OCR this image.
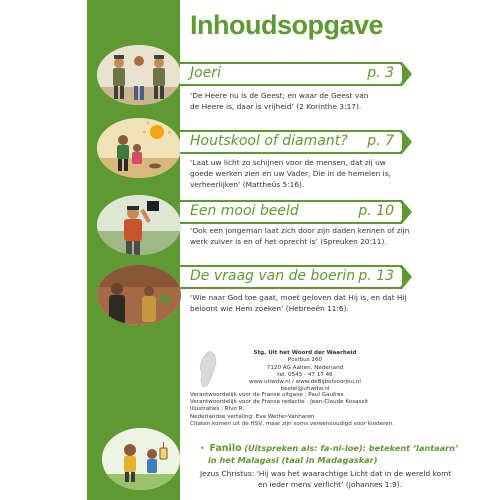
Inhoudsopgave
Joeri	p. 3
‘De Heere nu is de Geest; en waar de Geest van
de Heere is, daar is vrijheid’ (2 Korinthe 3:17).
Houtskool of diamant? p. 7
‘Laat uw licht zo schijnen voor de mensen, dat zij uw
goede werken zien en uw Vader, Die in de hemelen is,
verheerlijken’ (Mattheüs 5:16).
Een mooi beeld	p. 10
‘Ook een jongeman laat zich door zijn daden kennen of zijn
werk zuiver is en of het oprecht is’ (Spreuken 20:11).
De vraag van de boerin p. 13
‘Wie naar God toe gaat, moet geloven dat Hij is, en dat Hij
beloont wie Hem zoeken’ (Hebreeën 11:6).
Stg. Uit het Woord der Waarheid
Postbus 260
7120 AG Aalten, Nederland
tel. 0543 - 47 17 46
www.uhwdw.nl / www.deBijbelvoorjou.nl
bestel@uhwdw.nl
Verantwoordelijk voor de Franse uitgave : Paul Gaufrès
Verantwoordelijk voor de Franse redactie : Jean-Claude Kosassit
Illustraties : Rivo R.
Nederlandse vertaling: Eva Wetter-Vanharen
Citaten komen uit de HSV, maar zijn soms vereenvoudigd voor kinderen.
• Fanilo (Uitspreken als: fa-ni-loe): betekent ‘lantaarn’
in het Malagasi (taal in Madagaskar)
Jezus Christus: ‘Hij was het waarachtige Licht dat in de wereld komt
en ieder mens verlicht’ (Johannes 1:9).
